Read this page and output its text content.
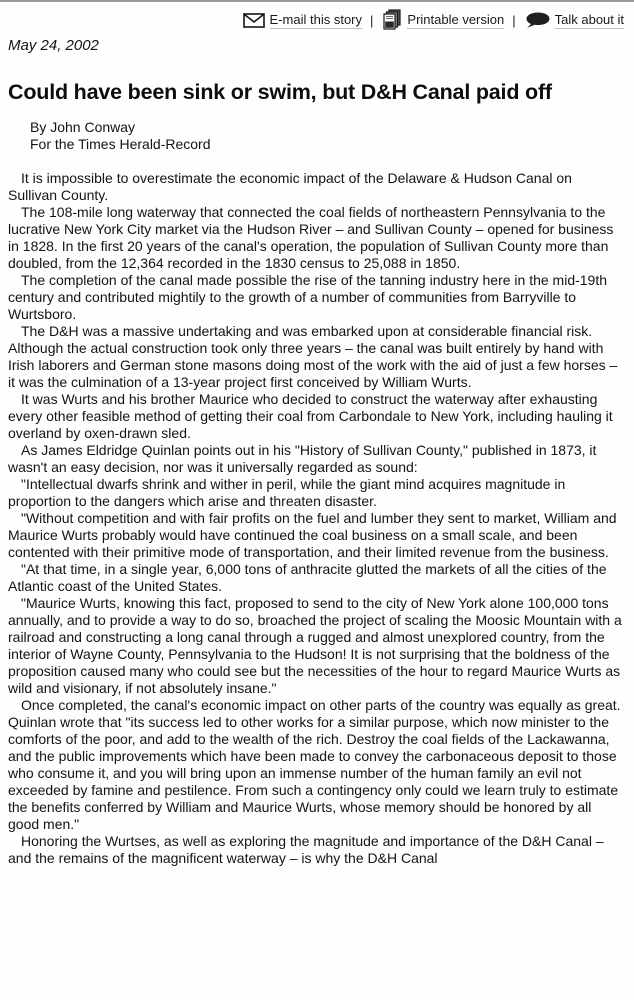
E-mail this story |	Printable version |	Talk about it
May 24, 2002
Could have been sink or swim, but D&H Canal paid off
By John Conway
For the Times Herald-Record

It is impossible to overestimate the economic impact of the Delaware & Hudson Canal on Sullivan County.

The 108-mile long waterway that connected the coal fields of northeastern Pennsylvania to the lucrative New York City market via the Hudson River – and Sullivan County – opened for business in 1828. In the first 20 years of the canal's operation, the population of Sullivan County more than doubled, from the 12,364 recorded in the 1830 census to 25,088 in 1850.

The completion of the canal made possible the rise of the tanning industry here in the mid-19th century and contributed mightily to the growth of a number of communities from Barryville to Wurtsboro.

The D&H was a massive undertaking and was embarked upon at considerable financial risk. Although the actual construction took only three years – the canal was built entirely by hand with Irish laborers and German stone masons doing most of the work with the aid of just a few horses – it was the culmination of a 13-year project first conceived by William Wurts.

It was Wurts and his brother Maurice who decided to construct the waterway after exhausting every other feasible method of getting their coal from Carbondale to New York, including hauling it overland by oxen-drawn sled.

As James Eldridge Quinlan points out in his "History of Sullivan County," published in 1873, it wasn't an easy decision, nor was it universally regarded as sound:

"Intellectual dwarfs shrink and wither in peril, while the giant mind acquires magnitude in proportion to the dangers which arise and threaten disaster.

"Without competition and with fair profits on the fuel and lumber they sent to market, William and Maurice Wurts probably would have continued the coal business on a small scale, and been contented with their primitive mode of transportation, and their limited revenue from the business.

"At that time, in a single year, 6,000 tons of anthracite glutted the markets of all the cities of the Atlantic coast of the United States.

"Maurice Wurts, knowing this fact, proposed to send to the city of New York alone 100,000 tons annually, and to provide a way to do so, broached the project of scaling the Moosic Mountain with a railroad and constructing a long canal through a rugged and almost unexplored country, from the interior of Wayne County, Pennsylvania to the Hudson! It is not surprising that the boldness of the proposition caused many who could see but the necessities of the hour to regard Maurice Wurts as wild and visionary, if not absolutely insane."

Once completed, the canal's economic impact on other parts of the country was equally as great. Quinlan wrote that "its success led to other works for a similar purpose, which now minister to the comforts of the poor, and add to the wealth of the rich. Destroy the coal fields of the Lackawanna, and the public improvements which have been made to convey the carbonaceous deposit to those who consume it, and you will bring upon an immense number of the human family an evil not exceeded by famine and pestilence. From such a contingency only could we learn truly to estimate the benefits conferred by William and Maurice Wurts, whose memory should be honored by all good men."

Honoring the Wurtses, as well as exploring the magnitude and importance of the D&H Canal – and the remains of the magnificent waterway – is why the D&H Canal
